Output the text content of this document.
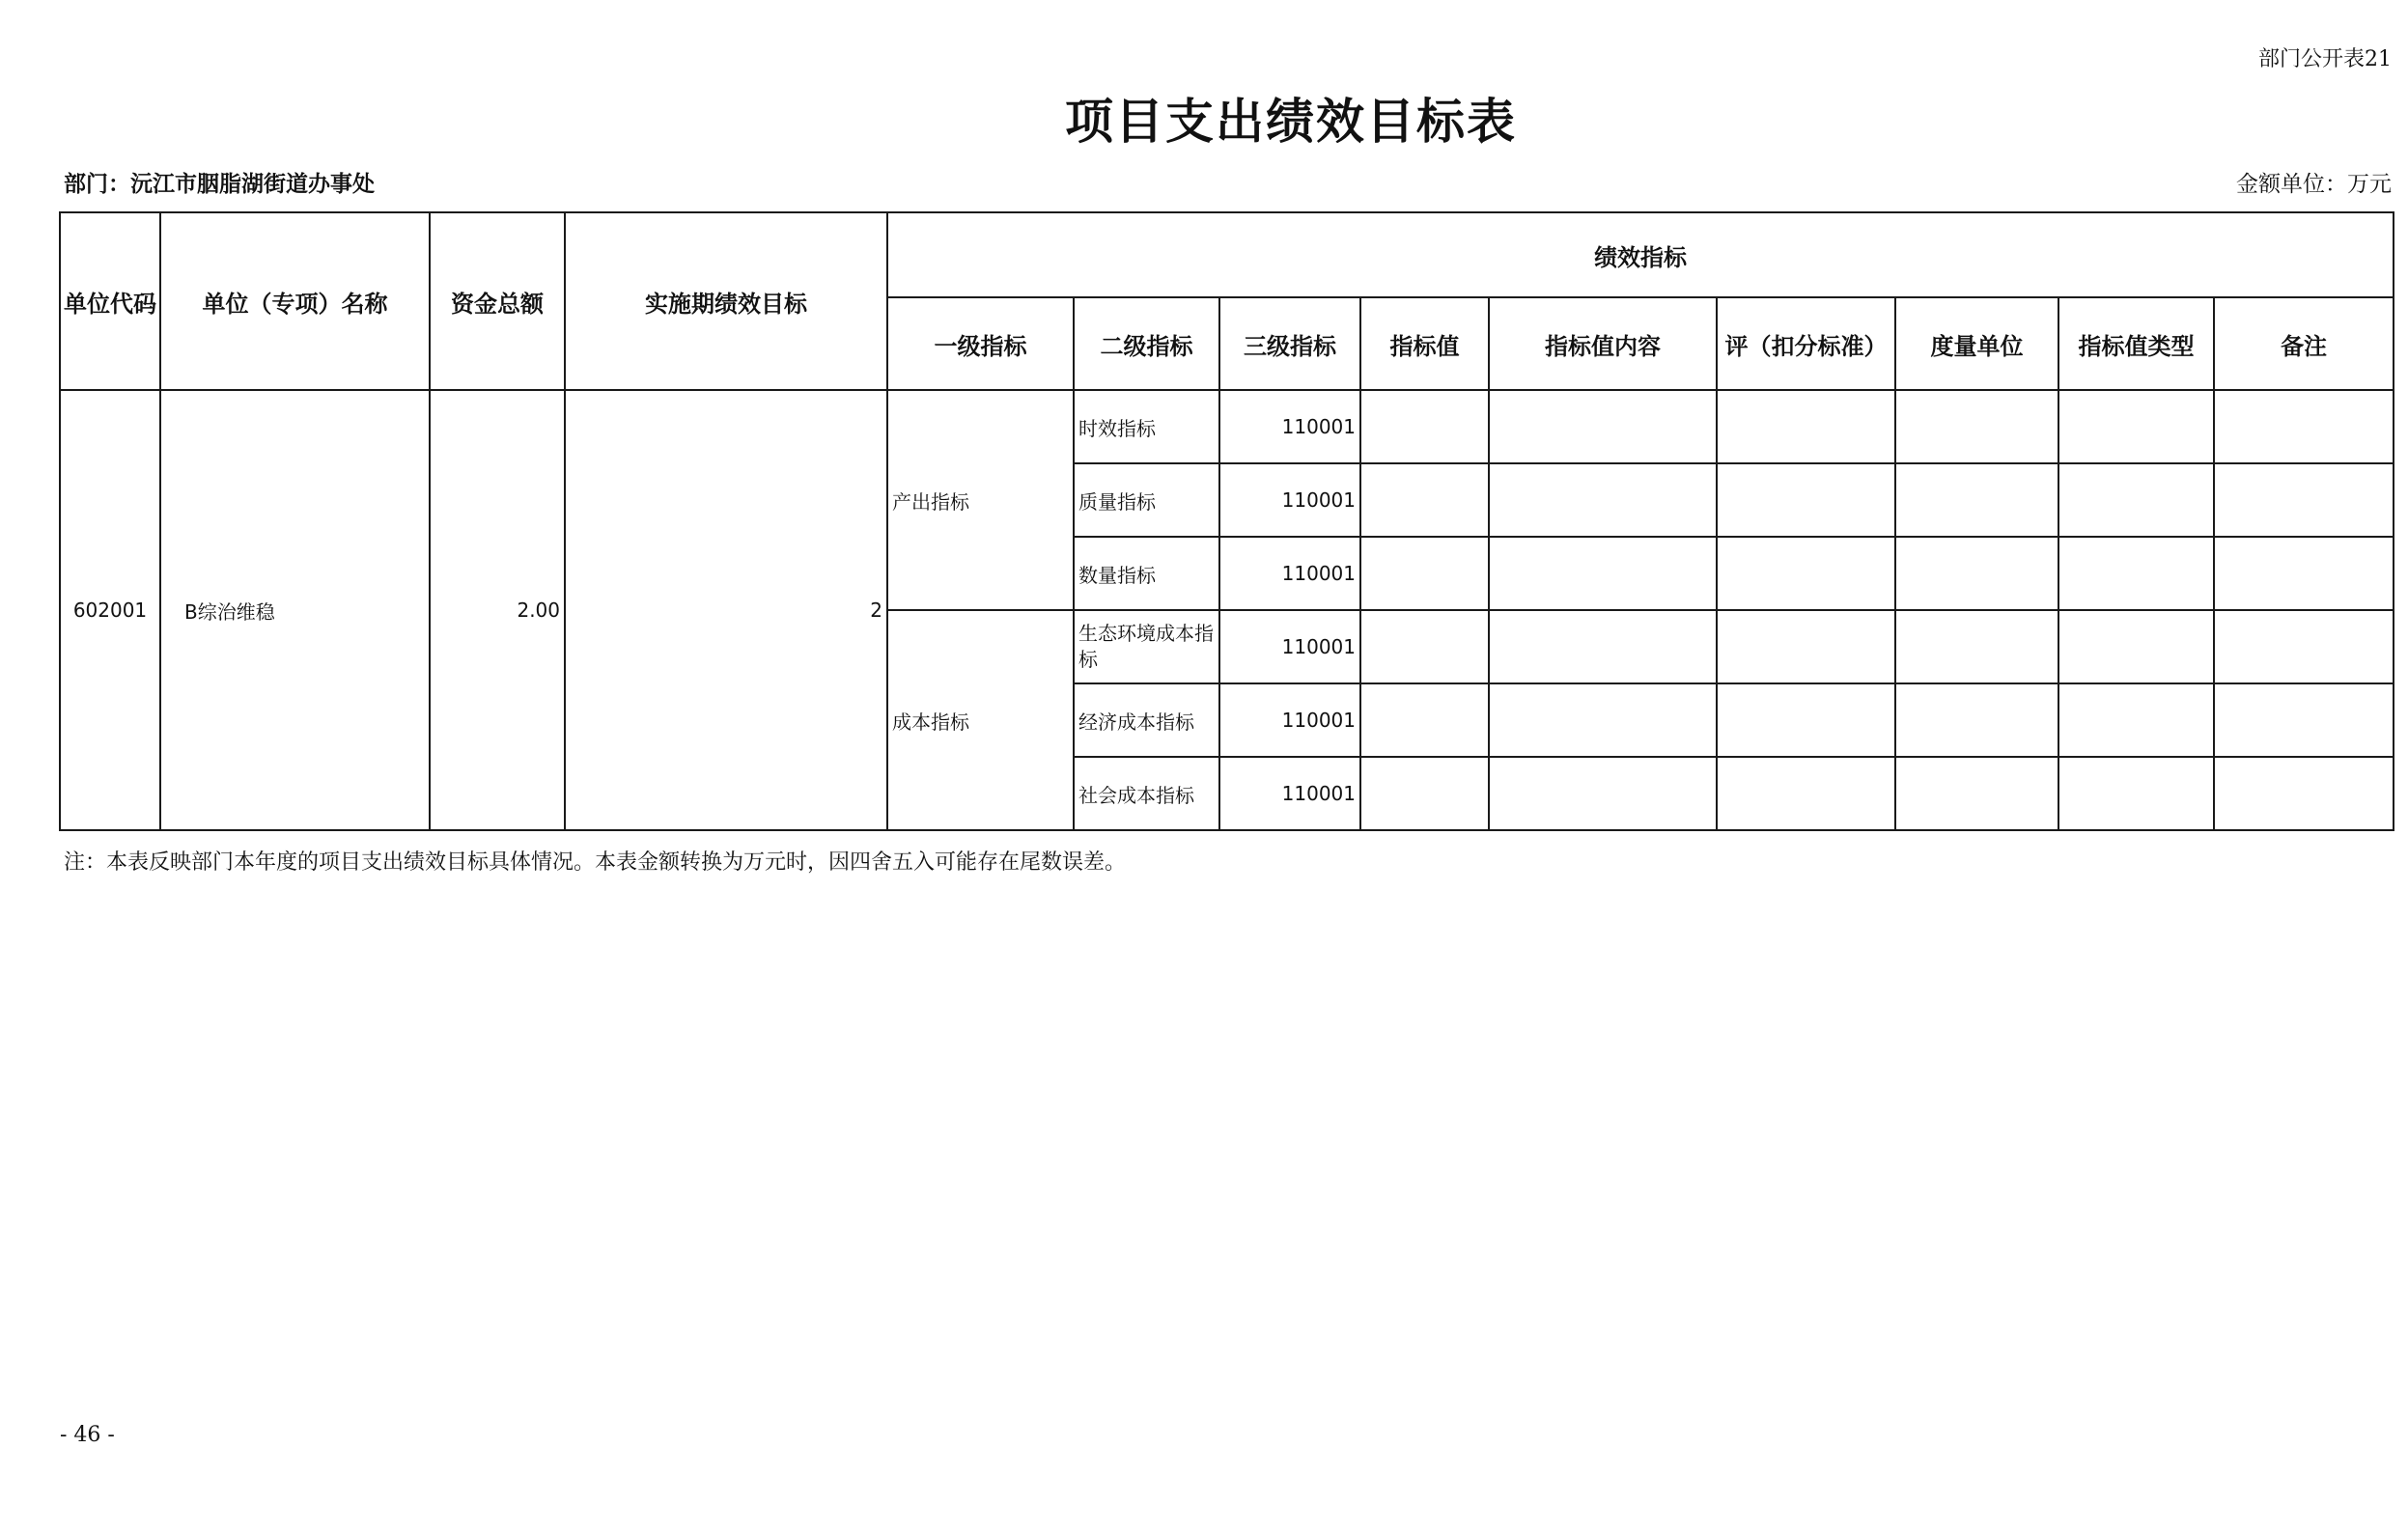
部门公开表21
项目支出绩效目标表
部门：沅江市胭脂湖街道办事处	金额单位：万元
单位代码	单位（专项）名称	资金总额	实施期绩效目标	绩效指标								
				一级指标	二级指标	三级指标	指标值	指标值内容	评（扣分标准）	度量单位	指标值类型	备注
602001	B综治维稳	2.00	2	产出指标	时效指标	110001						
					质量指标	110001						
					数量指标	110001						
				成本指标	生态环境成本指标	110001						
					经济成本指标	110001						
					社会成本指标	110001						
注：本表反映部门本年度的项目支出绩效目标具体情况。本表金额转换为万元时，因四舍五入可能存在尾数误差。
- 46 -
